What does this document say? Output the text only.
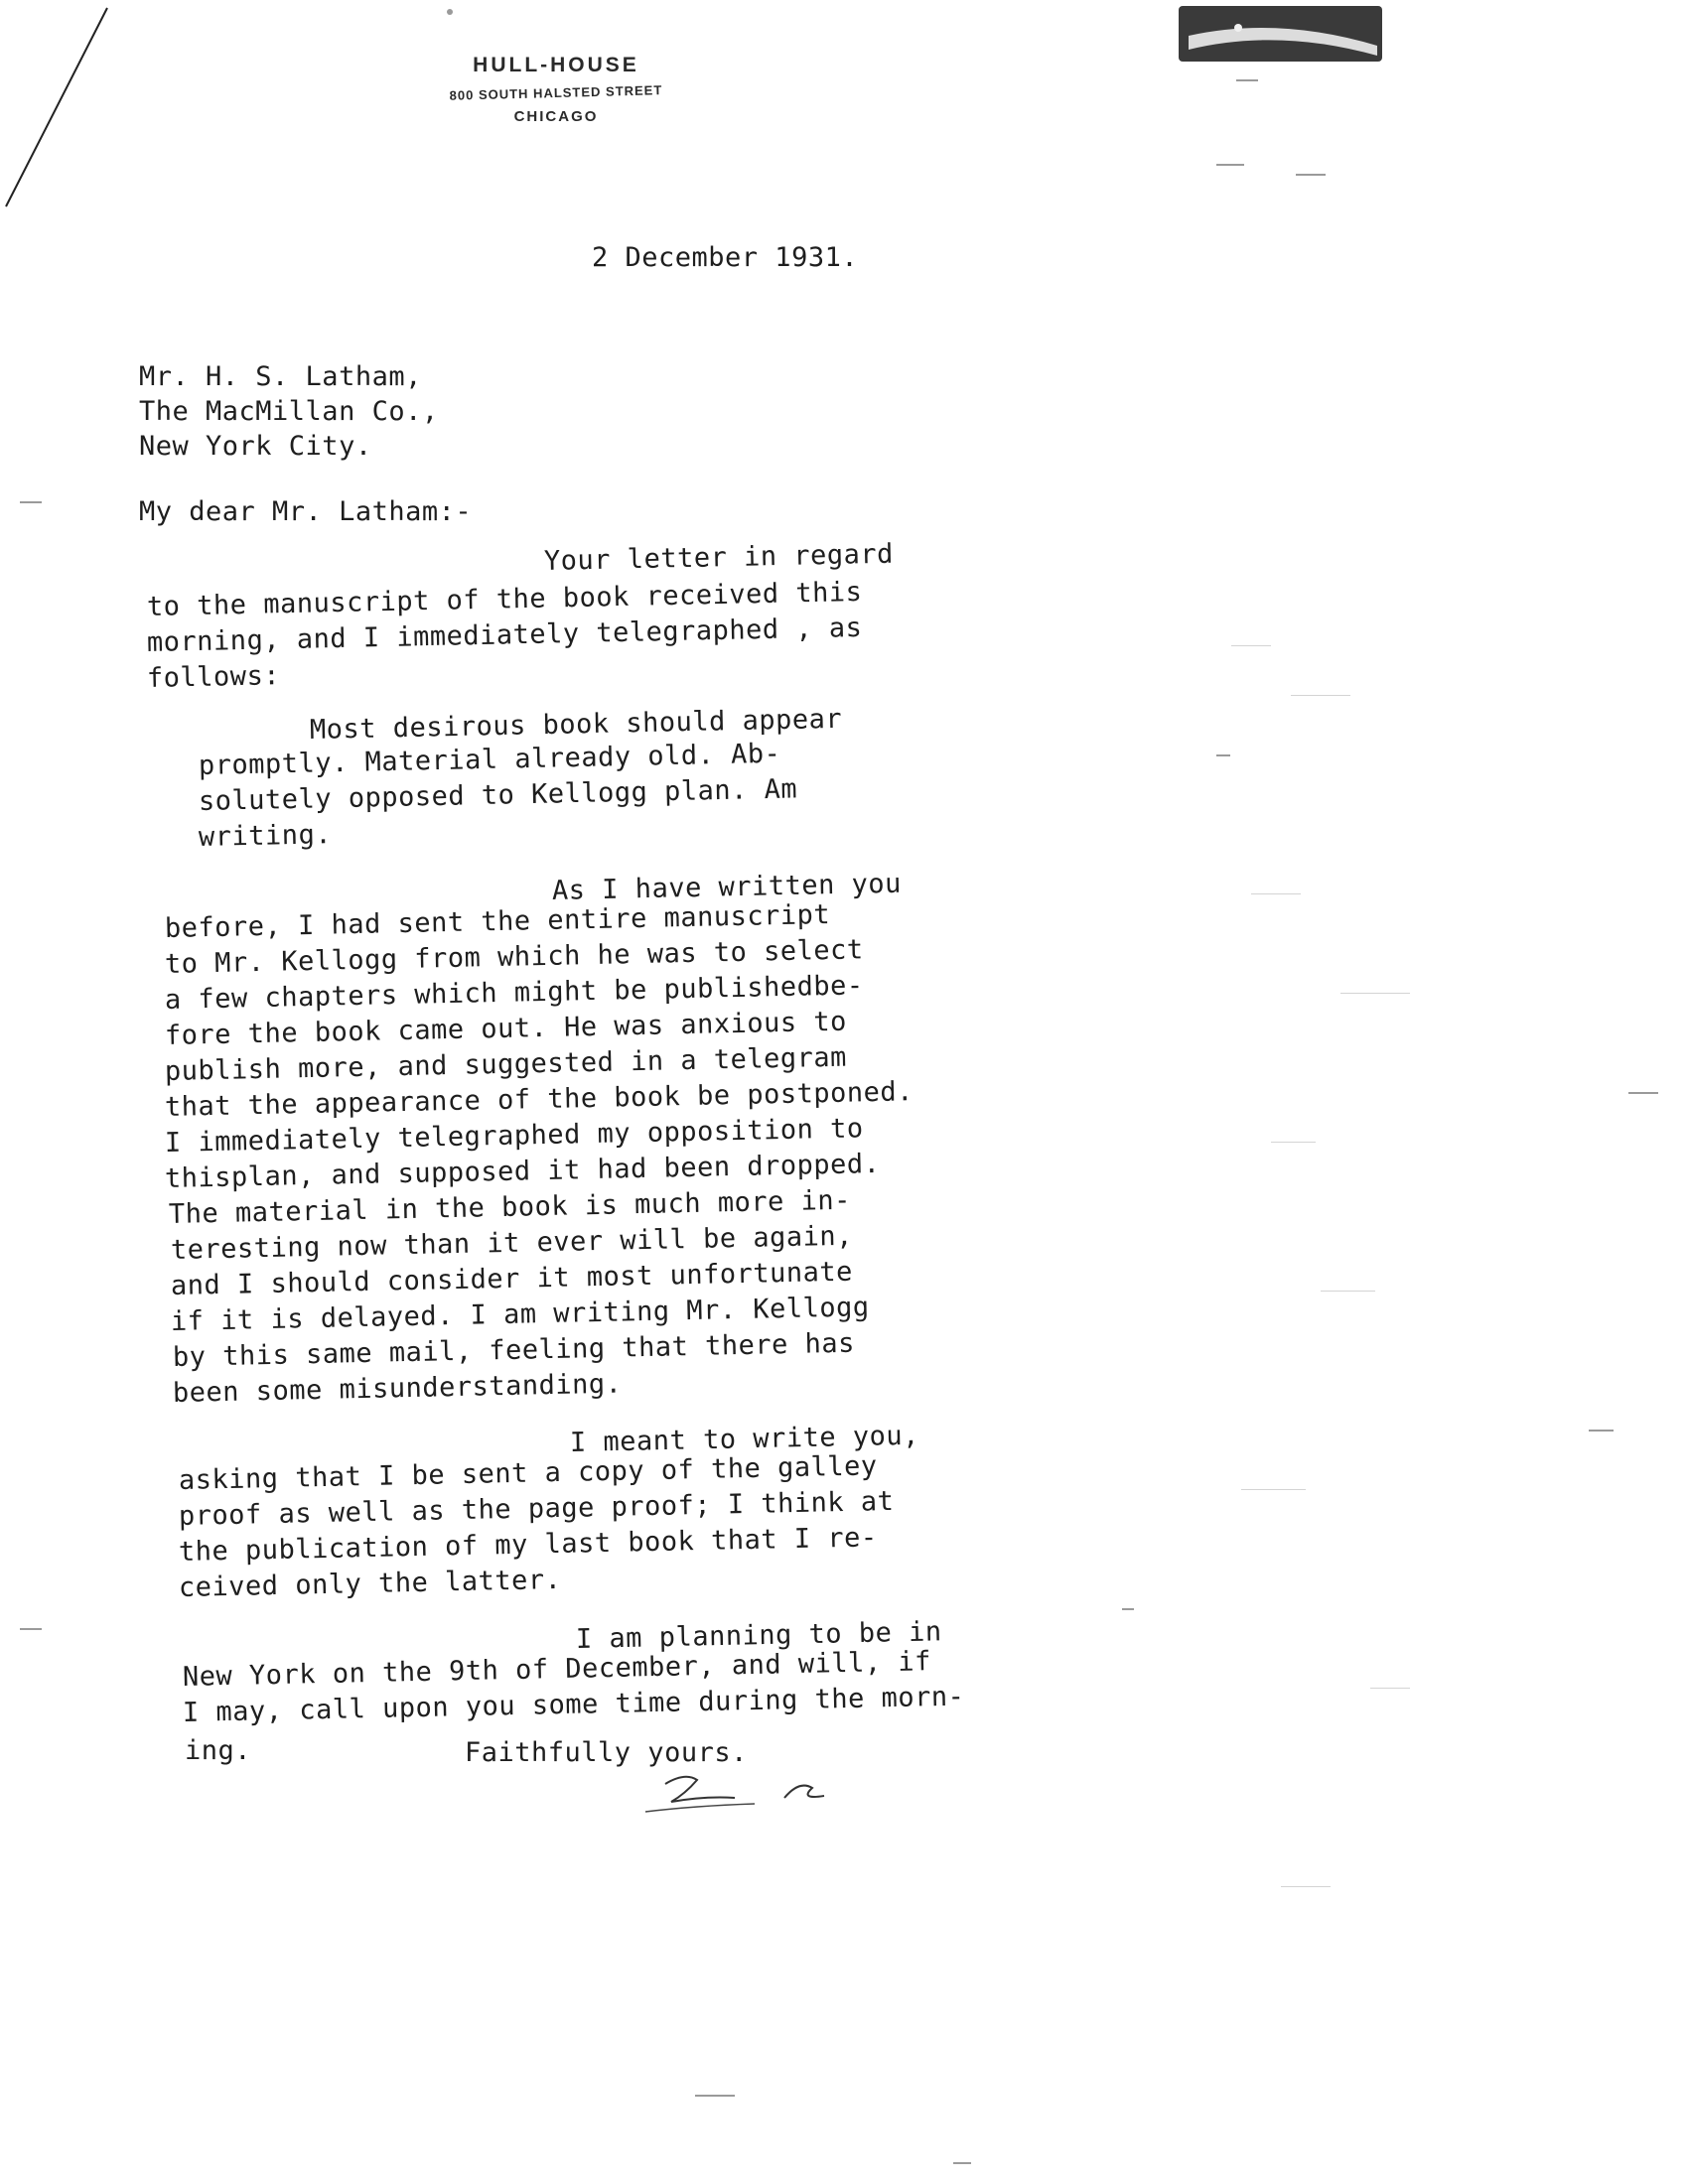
HULL-HOUSE
800 SOUTH HALSTED STREET
CHICAGO
2 December 1931.
Mr. H. S. Latham,
The MacMillan Co.,
New York City.
My dear Mr. Latham:-
Your letter in regard
to the manuscript of the book received this
morning, and I immediately telegraphed , as
follows:
Most desirous book should appear
promptly. Material already old. Ab-
solutely opposed to Kellogg plan. Am
writing.
As I have written you
before, I had sent the entire manuscript
to Mr. Kellogg from which he was to select
a few chapters which might be publishedbe-
fore the book came out. He was anxious to
publish more, and suggested in a telegram
that the appearance of the book be postponed.
I immediately telegraphed my opposition to
thisplan, and supposed it had been dropped.
The material in the book is much more in-
teresting now than it ever will be again,
and I should consider it most unfortunate
if it is delayed. I am writing Mr. Kellogg
by this same mail, feeling that there has
been some misunderstanding.
I meant to write you,
asking that I be sent a copy of the galley
proof as well as the page proof; I think at
the publication of my last book that I re-
ceived only the latter.
I am planning to be in
New York on the 9th of December, and will, if
I may, call upon you some time during the morn-
ing.	Faithfully yours.
